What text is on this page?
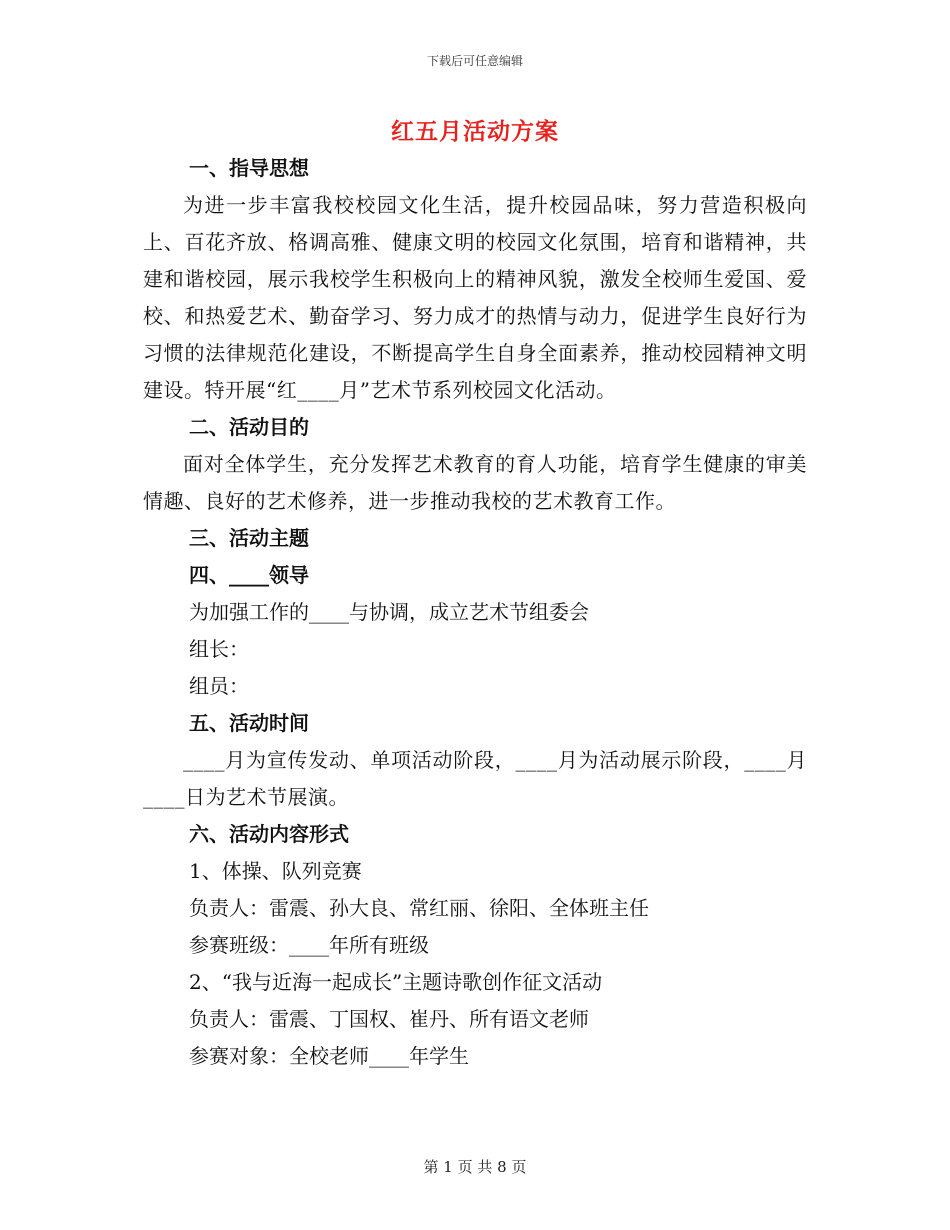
下载后可任意编辑
红五月活动方案
一、指导思想
为进一步丰富我校校园文化生活，提升校园品味，努力营造积极向上、百花齐放、格调高雅、健康文明的校园文化氛围，培育和谐精神，共建和谐校园，展示我校学生积极向上的精神风貌，激发全校师生爱国、爱校、和热爱艺术、勤奋学习、努力成才的热情与动力，促进学生良好行为习惯的法律规范化建设，不断提高学生自身全面素养，推动校园精神文明建设。特开展“红____月”艺术节系列校园文化活动。
二、活动目的
面对全体学生，充分发挥艺术教育的育人功能，培育学生健康的审美情趣、良好的艺术修养，进一步推动我校的艺术教育工作。
三、活动主题
四、____领导
为加强工作的____与协调，成立艺术节组委会
组长：
组员：
五、活动时间
____月为宣传发动、单项活动阶段，____月为活动展示阶段，____月____日为艺术节展演。
六、活动内容形式
1、体操、队列竞赛
负责人：雷震、孙大良、常红丽、徐阳、全体班主任
参赛班级：____年所有班级
2、“我与近海一起成长”主题诗歌创作征文活动
负责人：雷震、丁国权、崔丹、所有语文老师
参赛对象：全校老师____年学生
第 1 页 共 8 页
